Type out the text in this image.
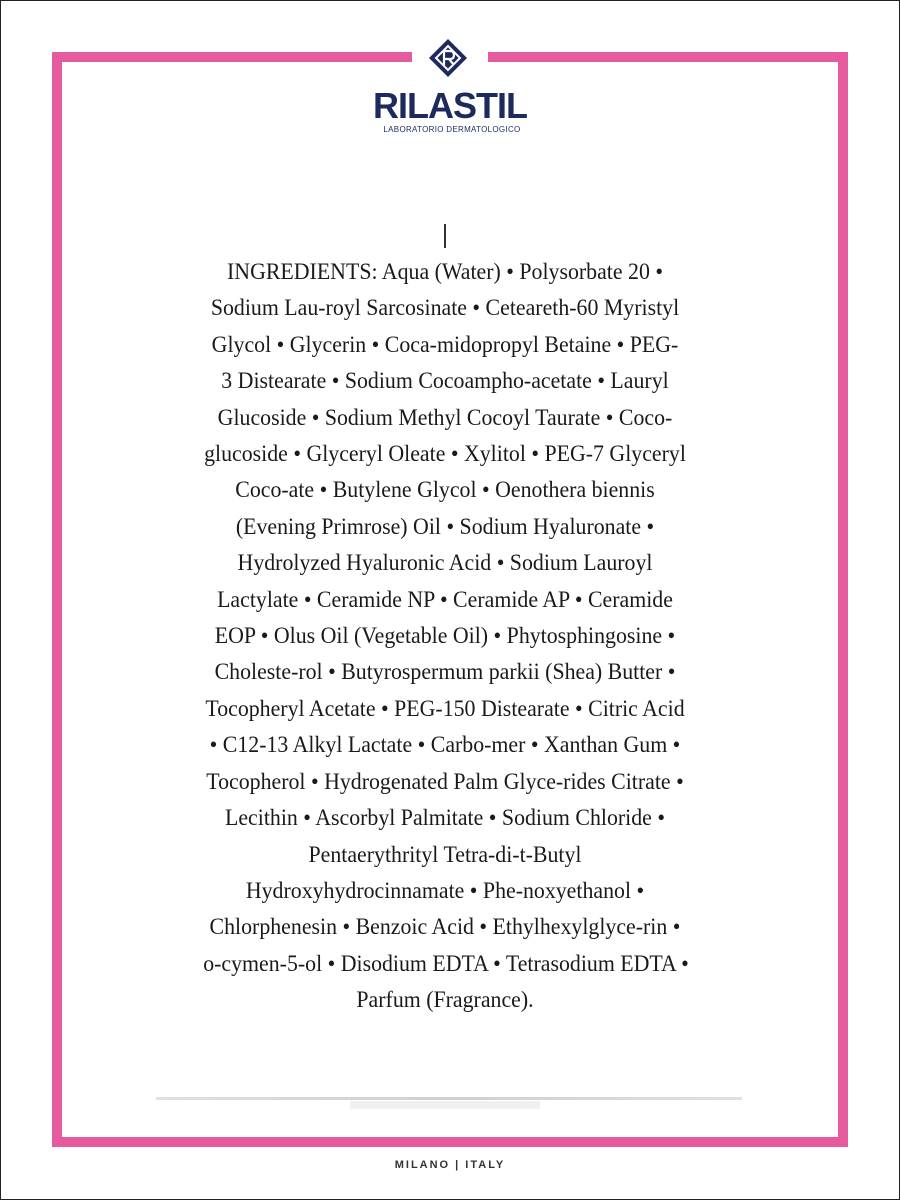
RILASTIL
LABORATORIO DERMATOLOGICO
INGREDIENTS: Aqua (Water) • Polysorbate 20 •
Sodium Lau-royl Sarcosinate • Ceteareth-60 Myristyl
Glycol • Glycerin • Coca-midopropyl Betaine • PEG-
3 Distearate • Sodium Cocoampho-acetate • Lauryl
Glucoside • Sodium Methyl Cocoyl Taurate • Coco-
glucoside • Glyceryl Oleate • Xylitol • PEG-7 Glyceryl
Coco-ate • Butylene Glycol • Oenothera biennis
(Evening Primrose) Oil • Sodium Hyaluronate •
Hydrolyzed Hyaluronic Acid • Sodium Lauroyl
Lactylate • Ceramide NP • Ceramide AP • Ceramide
EOP • Olus Oil (Vegetable Oil) • Phytosphingosine •
Choleste-rol • Butyrospermum parkii (Shea) Butter •
Tocopheryl Acetate • PEG-150 Distearate • Citric Acid
• C12-13 Alkyl Lactate • Carbo-mer • Xanthan Gum •
Tocopherol • Hydrogenated Palm Glyce-rides Citrate •
Lecithin • Ascorbyl Palmitate • Sodium Chloride •
Pentaerythrityl Tetra-di-t-Butyl
Hydroxyhydrocinnamate • Phe-noxyethanol •
Chlorphenesin • Benzoic Acid • Ethylhexylglyce-rin •
o-cymen-5-ol • Disodium EDTA • Tetrasodium EDTA •
Parfum (Fragrance).
MILANO | ITALY
